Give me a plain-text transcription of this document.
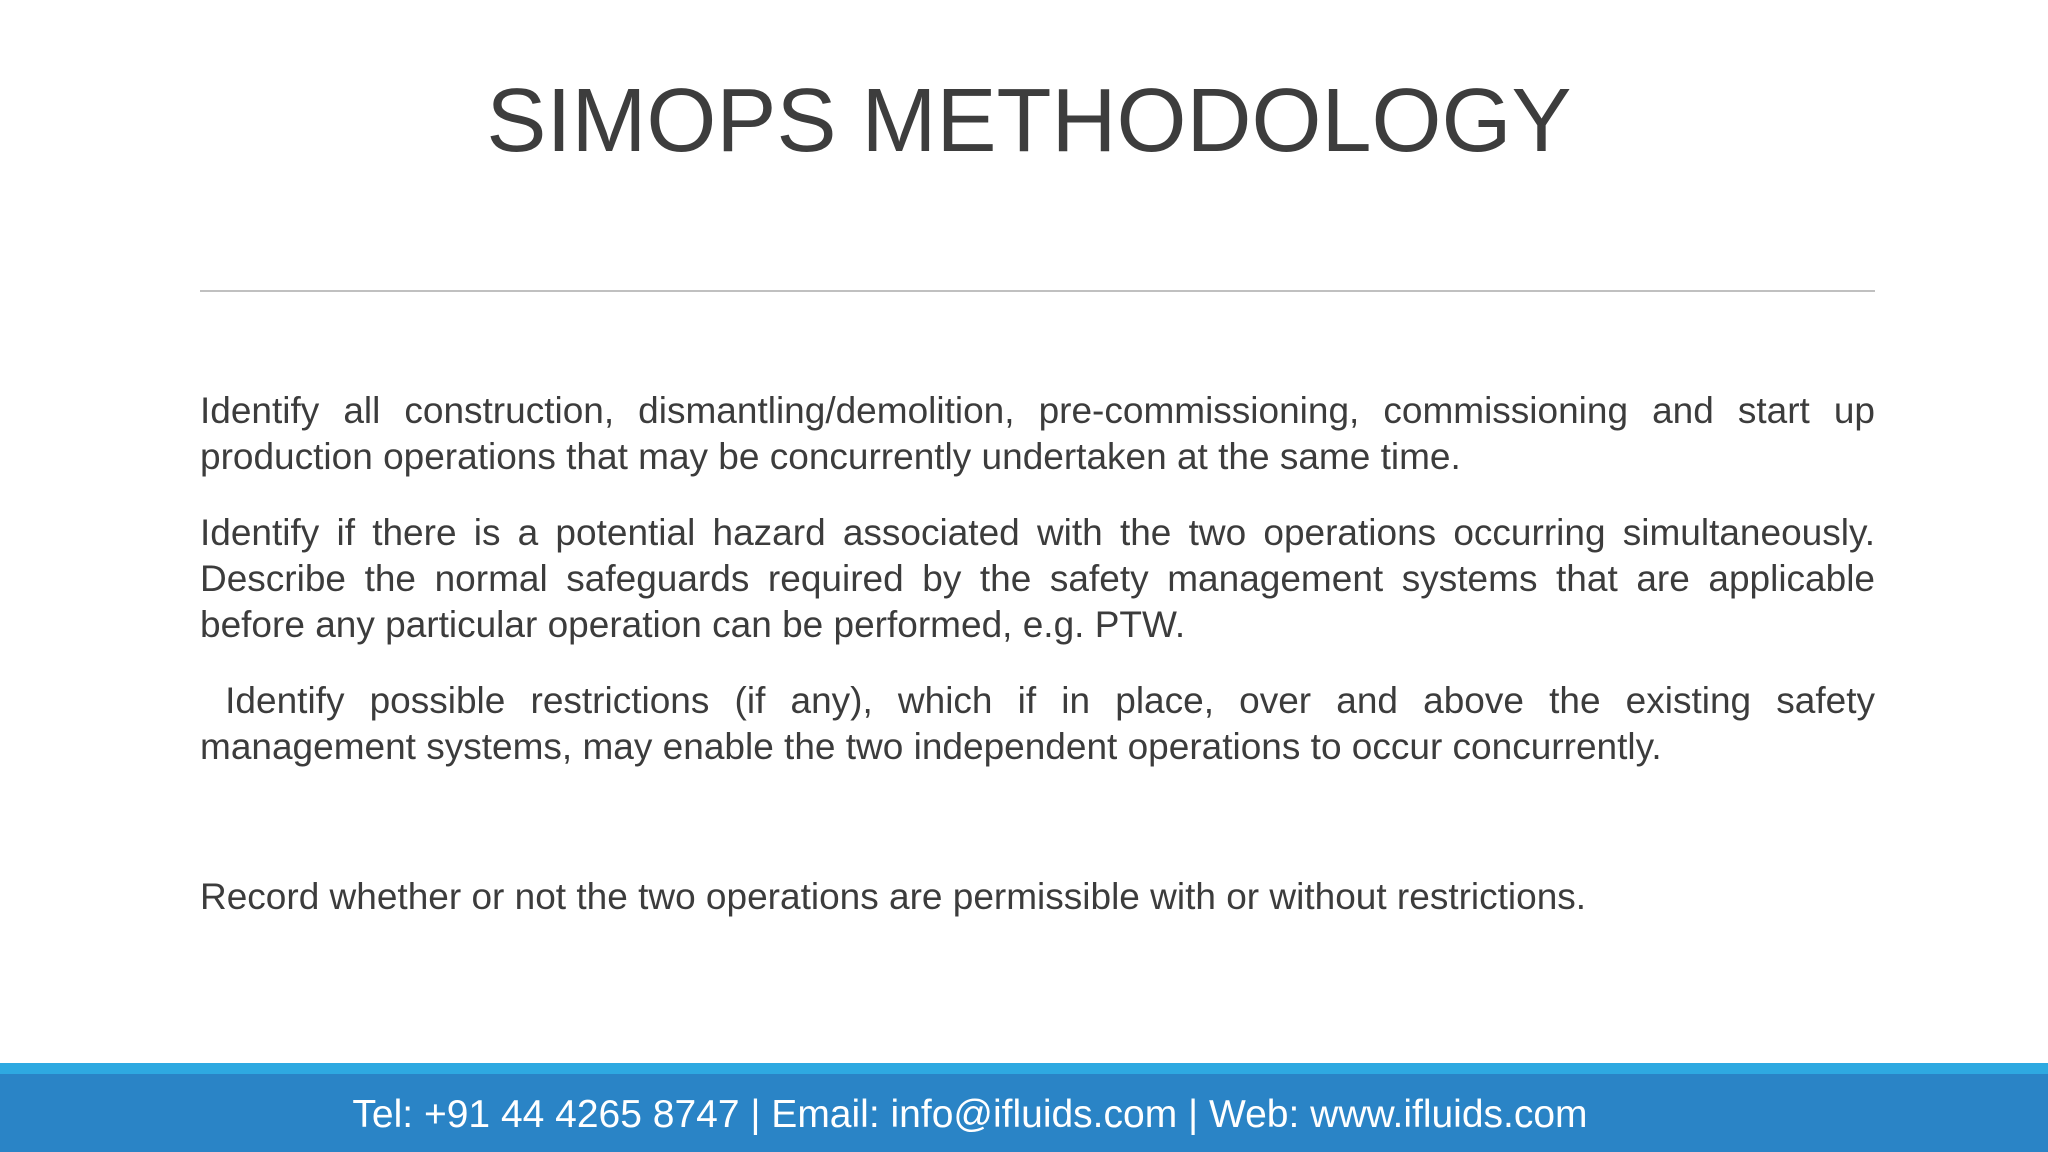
SIMOPS METHODOLOGY

Identify all construction, dismantling/demolition, pre-commissioning, commissioning and start up production operations that may be concurrently undertaken at the same time.

Identify if there is a potential hazard associated with the two operations occurring simultaneously. Describe the normal safeguards required by the safety management systems that are applicable before any particular operation can be performed, e.g. PTW.

Identify possible restrictions (if any), which if in place, over and above the existing safety management systems, may enable the two independent operations to occur concurrently.

Record whether or not the two operations are permissible with or without restrictions.

Tel: +91 44 4265 8747 | Email: info@ifluids.com | Web: www.ifluids.com
